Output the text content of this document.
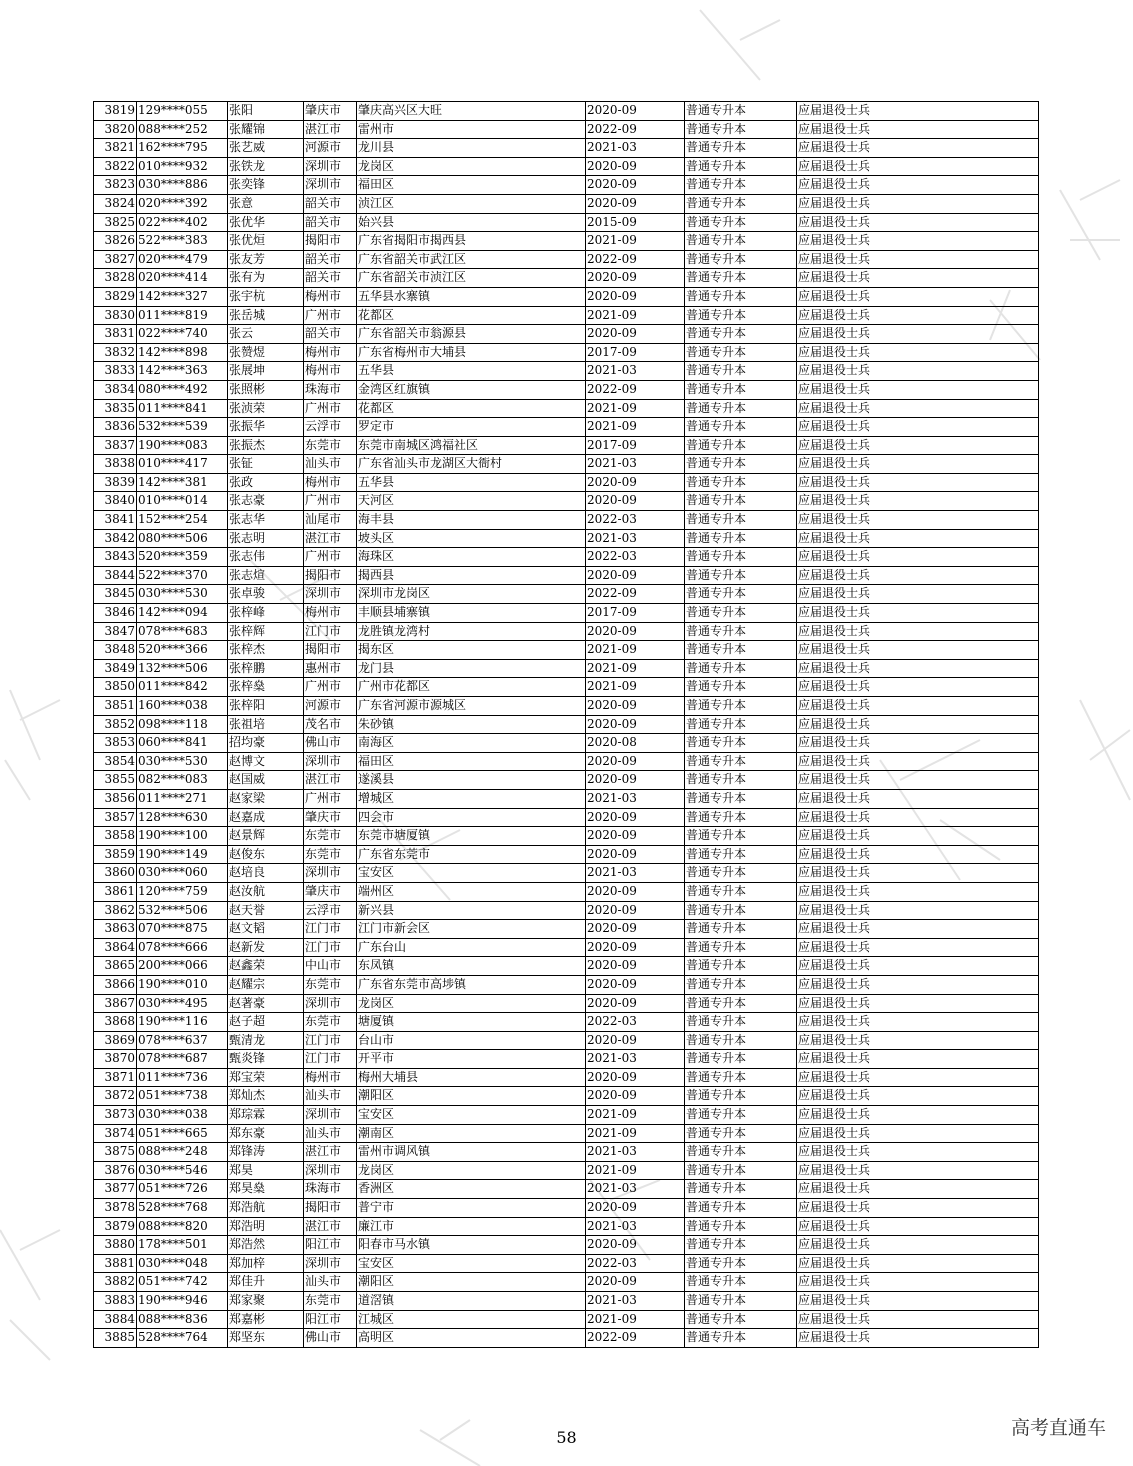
3819	129****055	张阳	肇庆市	肇庆高兴区大旺	2020-09	普通专升本	应届退役士兵
3820	088****252	张耀锦	湛江市	雷州市	2022-09	普通专升本	应届退役士兵
3821	162****795	张艺威	河源市	龙川县	2021-03	普通专升本	应届退役士兵
3822	010****932	张铁龙	深圳市	龙岗区	2020-09	普通专升本	应届退役士兵
3823	030****886	张奕锋	深圳市	福田区	2020-09	普通专升本	应届退役士兵
3824	020****392	张意	韶关市	浈江区	2020-09	普通专升本	应届退役士兵
3825	022****402	张优华	韶关市	始兴县	2015-09	普通专升本	应届退役士兵
3826	522****383	张优烜	揭阳市	广东省揭阳市揭西县	2021-09	普通专升本	应届退役士兵
3827	020****479	张友芳	韶关市	广东省韶关市武江区	2022-09	普通专升本	应届退役士兵
3828	020****414	张有为	韶关市	广东省韶关市浈江区	2020-09	普通专升本	应届退役士兵
3829	142****327	张宇杭	梅州市	五华县水寨镇	2020-09	普通专升本	应届退役士兵
3830	011****819	张岳城	广州市	花都区	2021-09	普通专升本	应届退役士兵
3831	022****740	张云	韶关市	广东省韶关市翁源县	2020-09	普通专升本	应届退役士兵
3832	142****898	张赞煜	梅州市	广东省梅州市大埔县	2017-09	普通专升本	应届退役士兵
3833	142****363	张展坤	梅州市	五华县	2021-03	普通专升本	应届退役士兵
3834	080****492	张照彬	珠海市	金湾区红旗镇	2022-09	普通专升本	应届退役士兵
3835	011****841	张浈荣	广州市	花都区	2021-09	普通专升本	应届退役士兵
3836	532****539	张振华	云浮市	罗定市	2021-09	普通专升本	应届退役士兵
3837	190****083	张振杰	东莞市	东莞市南城区鸿福社区	2017-09	普通专升本	应届退役士兵
3838	010****417	张钲	汕头市	广东省汕头市龙湖区大衙村	2021-03	普通专升本	应届退役士兵
3839	142****381	张政	梅州市	五华县	2020-09	普通专升本	应届退役士兵
3840	010****014	张志豪	广州市	天河区	2020-09	普通专升本	应届退役士兵
3841	152****254	张志华	汕尾市	海丰县	2022-03	普通专升本	应届退役士兵
3842	080****506	张志明	湛江市	坡头区	2021-03	普通专升本	应届退役士兵
3843	520****359	张志伟	广州市	海珠区	2022-03	普通专升本	应届退役士兵
3844	522****370	张志煊	揭阳市	揭西县	2020-09	普通专升本	应届退役士兵
3845	030****530	张卓骏	深圳市	深圳市龙岗区	2022-09	普通专升本	应届退役士兵
3846	142****094	张梓峰	梅州市	丰顺县埔寨镇	2017-09	普通专升本	应届退役士兵
3847	078****683	张梓辉	江门市	龙胜镇龙湾村	2020-09	普通专升本	应届退役士兵
3848	520****366	张梓杰	揭阳市	揭东区	2021-09	普通专升本	应届退役士兵
3849	132****506	张梓鹏	惠州市	龙门县	2021-09	普通专升本	应届退役士兵
3850	011****842	张梓燊	广州市	广州市花都区	2021-09	普通专升本	应届退役士兵
3851	160****038	张梓阳	河源市	广东省河源市源城区	2020-09	普通专升本	应届退役士兵
3852	098****118	张祖培	茂名市	朱砂镇	2020-09	普通专升本	应届退役士兵
3853	060****841	招均豪	佛山市	南海区	2020-08	普通专升本	应届退役士兵
3854	030****530	赵博文	深圳市	福田区	2020-09	普通专升本	应届退役士兵
3855	082****083	赵国威	湛江市	遂溪县	2020-09	普通专升本	应届退役士兵
3856	011****271	赵家梁	广州市	增城区	2021-03	普通专升本	应届退役士兵
3857	128****630	赵嘉成	肇庆市	四会市	2020-09	普通专升本	应届退役士兵
3858	190****100	赵景辉	东莞市	东莞市塘厦镇	2020-09	普通专升本	应届退役士兵
3859	190****149	赵俊东	东莞市	广东省东莞市	2020-09	普通专升本	应届退役士兵
3860	030****060	赵培良	深圳市	宝安区	2021-03	普通专升本	应届退役士兵
3861	120****759	赵汝航	肇庆市	端州区	2020-09	普通专升本	应届退役士兵
3862	532****506	赵天誉	云浮市	新兴县	2020-09	普通专升本	应届退役士兵
3863	070****875	赵文韬	江门市	江门市新会区	2020-09	普通专升本	应届退役士兵
3864	078****666	赵新发	江门市	广东台山	2020-09	普通专升本	应届退役士兵
3865	200****066	赵鑫荣	中山市	东凤镇	2020-09	普通专升本	应届退役士兵
3866	190****010	赵耀宗	东莞市	广东省东莞市高埗镇	2020-09	普通专升本	应届退役士兵
3867	030****495	赵著豪	深圳市	龙岗区	2020-09	普通专升本	应届退役士兵
3868	190****116	赵子超	东莞市	塘厦镇	2022-03	普通专升本	应届退役士兵
3869	078****637	甄清龙	江门市	台山市	2020-09	普通专升本	应届退役士兵
3870	078****687	甄炎锋	江门市	开平市	2021-03	普通专升本	应届退役士兵
3871	011****736	郑宝荣	梅州市	梅州大埔县	2020-09	普通专升本	应届退役士兵
3872	051****738	郑灿杰	汕头市	潮阳区	2020-09	普通专升本	应届退役士兵
3873	030****038	郑琮霖	深圳市	宝安区	2021-09	普通专升本	应届退役士兵
3874	051****665	郑东豪	汕头市	潮南区	2021-09	普通专升本	应届退役士兵
3875	088****248	郑锋涛	湛江市	雷州市调风镇	2021-03	普通专升本	应届退役士兵
3876	030****546	郑昊	深圳市	龙岗区	2021-09	普通专升本	应届退役士兵
3877	051****726	郑昊燊	珠海市	香洲区	2021-03	普通专升本	应届退役士兵
3878	528****768	郑浩航	揭阳市	普宁市	2020-09	普通专升本	应届退役士兵
3879	088****820	郑浩明	湛江市	廉江市	2021-03	普通专升本	应届退役士兵
3880	178****501	郑浩然	阳江市	阳春市马水镇	2020-09	普通专升本	应届退役士兵
3881	030****048	郑加梓	深圳市	宝安区	2022-03	普通专升本	应届退役士兵
3882	051****742	郑佳升	汕头市	潮阳区	2020-09	普通专升本	应届退役士兵
3883	190****946	郑家聚	东莞市	道滘镇	2021-03	普通专升本	应届退役士兵
3884	088****836	郑嘉彬	阳江市	江城区	2021-09	普通专升本	应届退役士兵
3885	528****764	郑坚东	佛山市	高明区	2022-09	普通专升本	应届退役士兵
58	高考直通车
